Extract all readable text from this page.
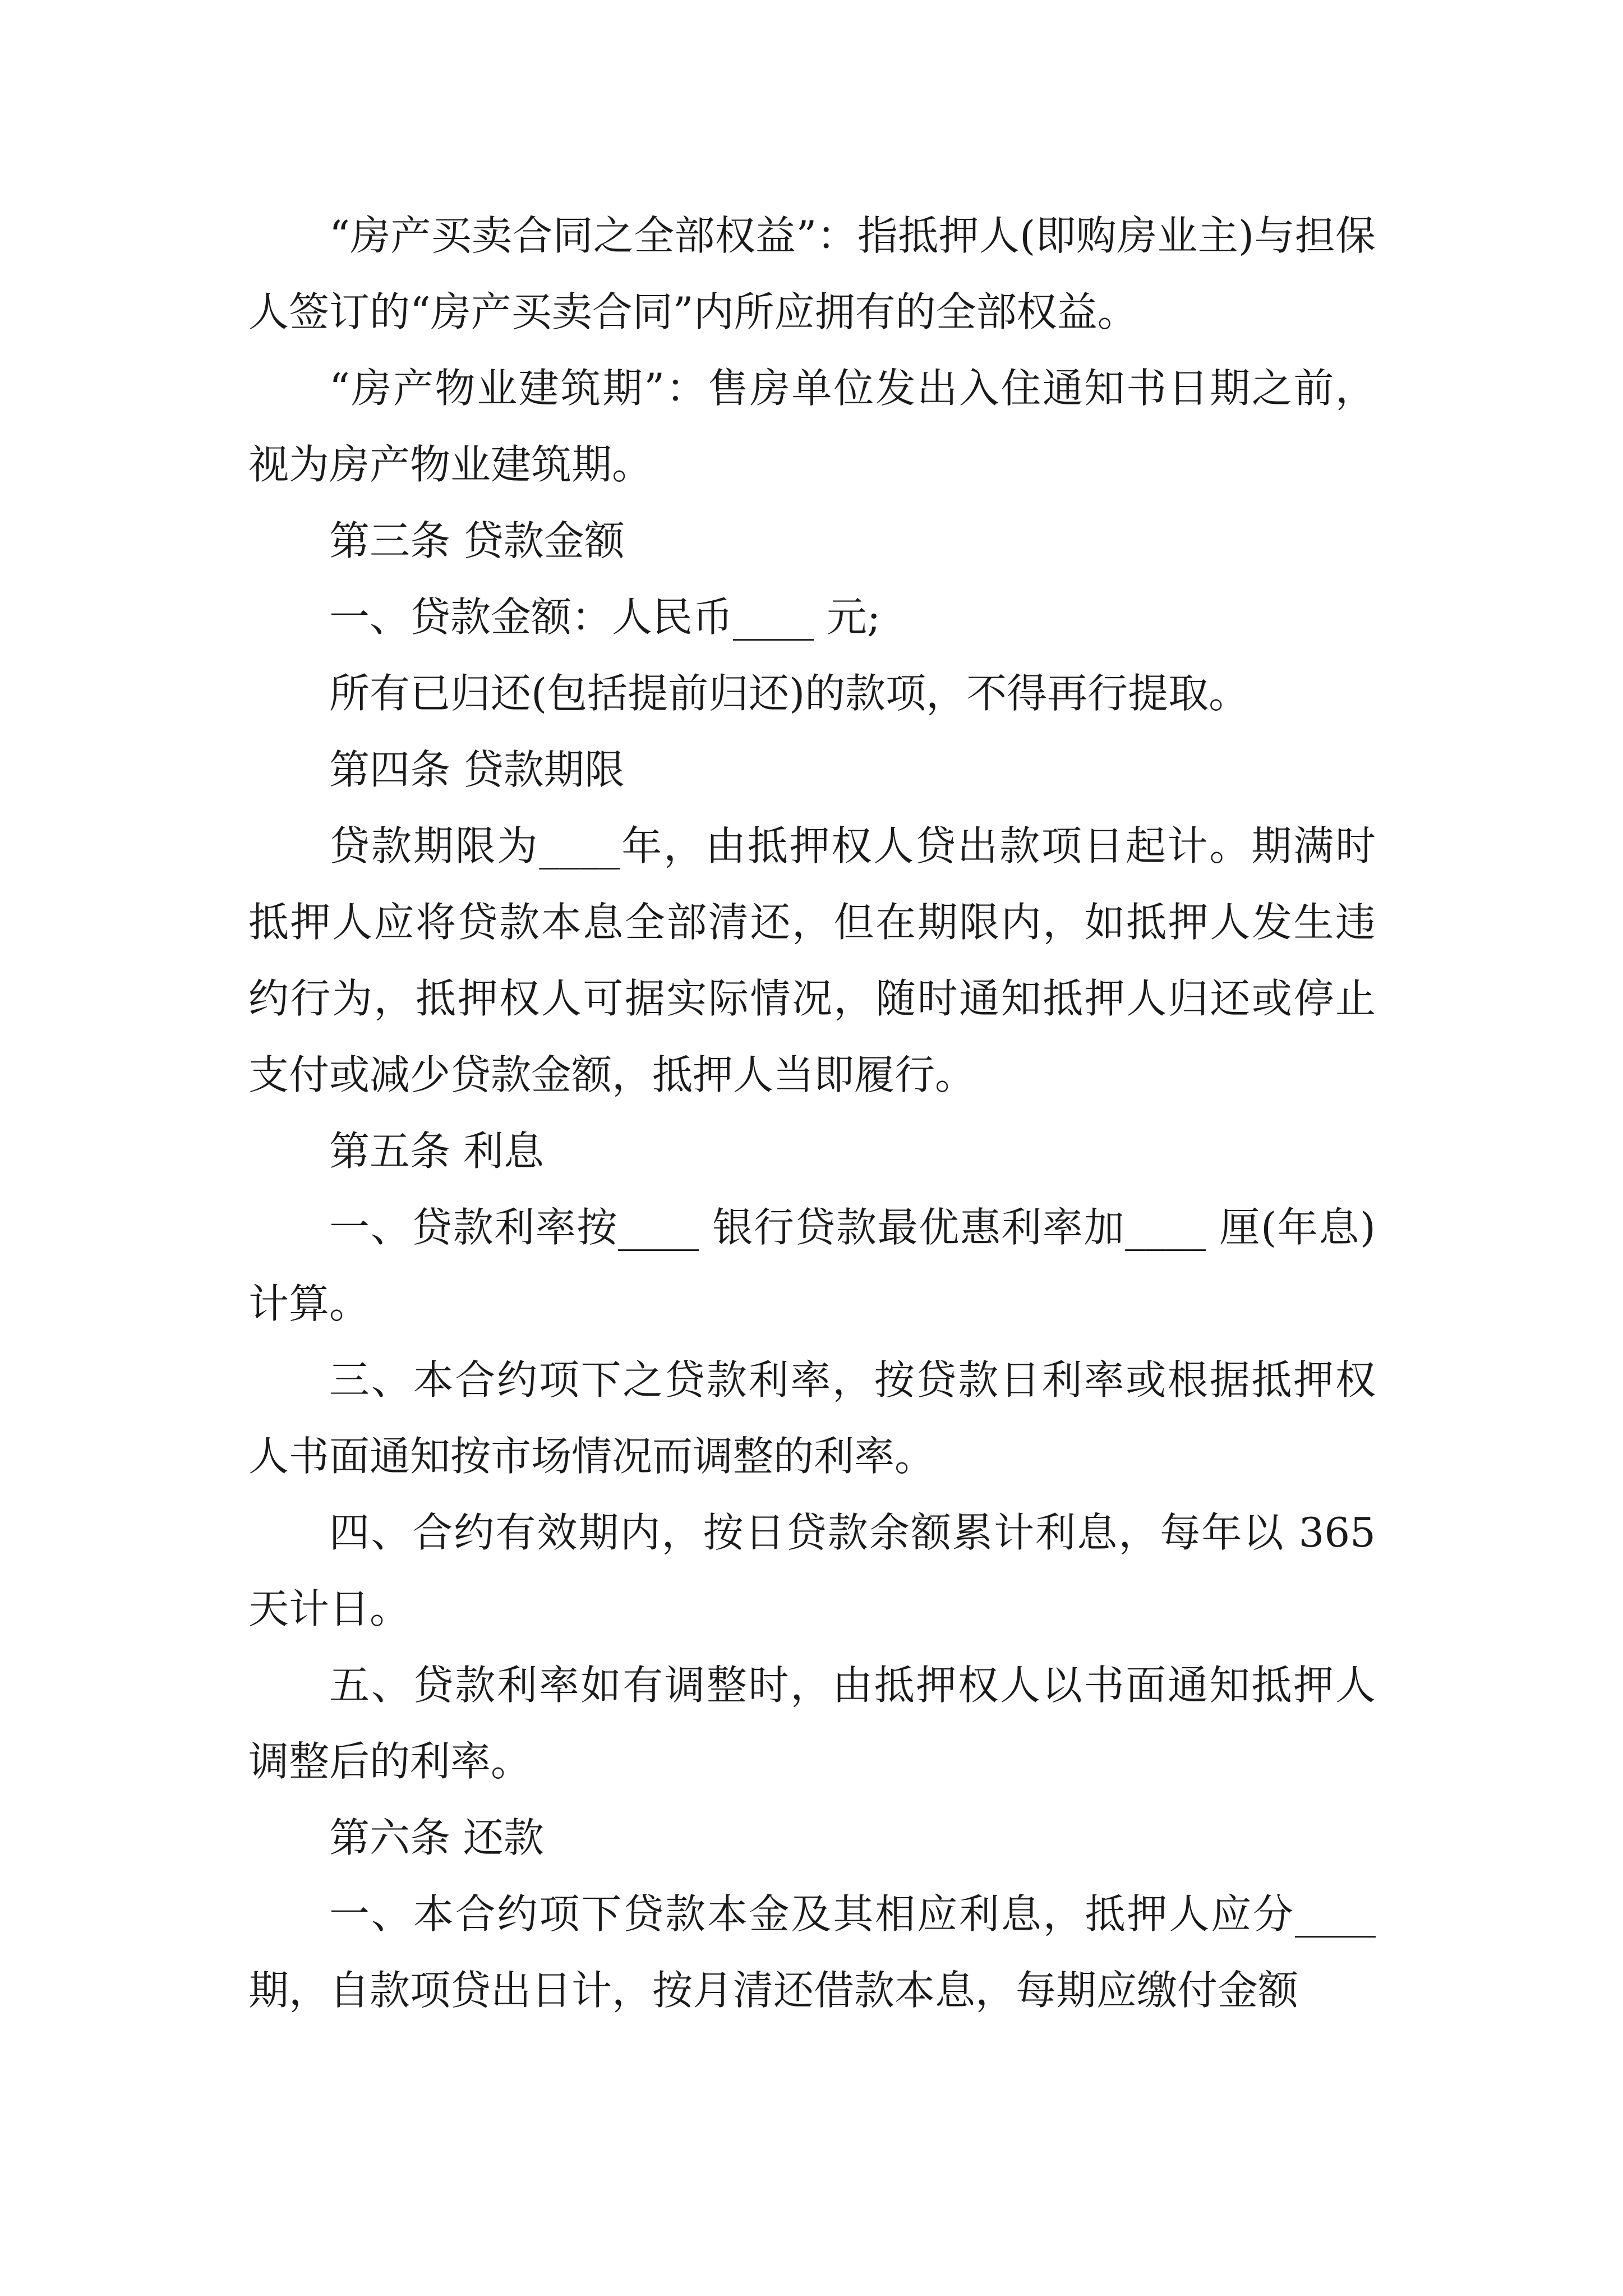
“房产买卖合同之全部权益”：指抵押人(即购房业主)与担保人签订的“房产买卖合同”内所应拥有的全部权益。

“房产物业建筑期”：售房单位发出入住通知书日期之前，视为房产物业建筑期。

第三条 贷款金额

一、贷款金额：人民币____ 元;

所有已归还(包括提前归还)的款项，不得再行提取。

第四条 贷款期限

贷款期限为____年，由抵押权人贷出款项日起计。期满时抵押人应将贷款本息全部清还，但在期限内，如抵押人发生违约行为，抵押权人可据实际情况，随时通知抵押人归还或停止支付或减少贷款金额，抵押人当即履行。

第五条 利息

一、贷款利率按____ 银行贷款最优惠利率加____ 厘(年息)计算。

三、本合约项下之贷款利率，按贷款日利率或根据抵押权人书面通知按市场情况而调整的利率。

四、合约有效期内，按日贷款余额累计利息，每年以 365 天计日。

五、贷款利率如有调整时，由抵押权人以书面通知抵押人调整后的利率。

第六条 还款

一、本合约项下贷款本金及其相应利息，抵押人应分____期，自款项贷出日计，按月清还借款本息，每期应缴付金额
